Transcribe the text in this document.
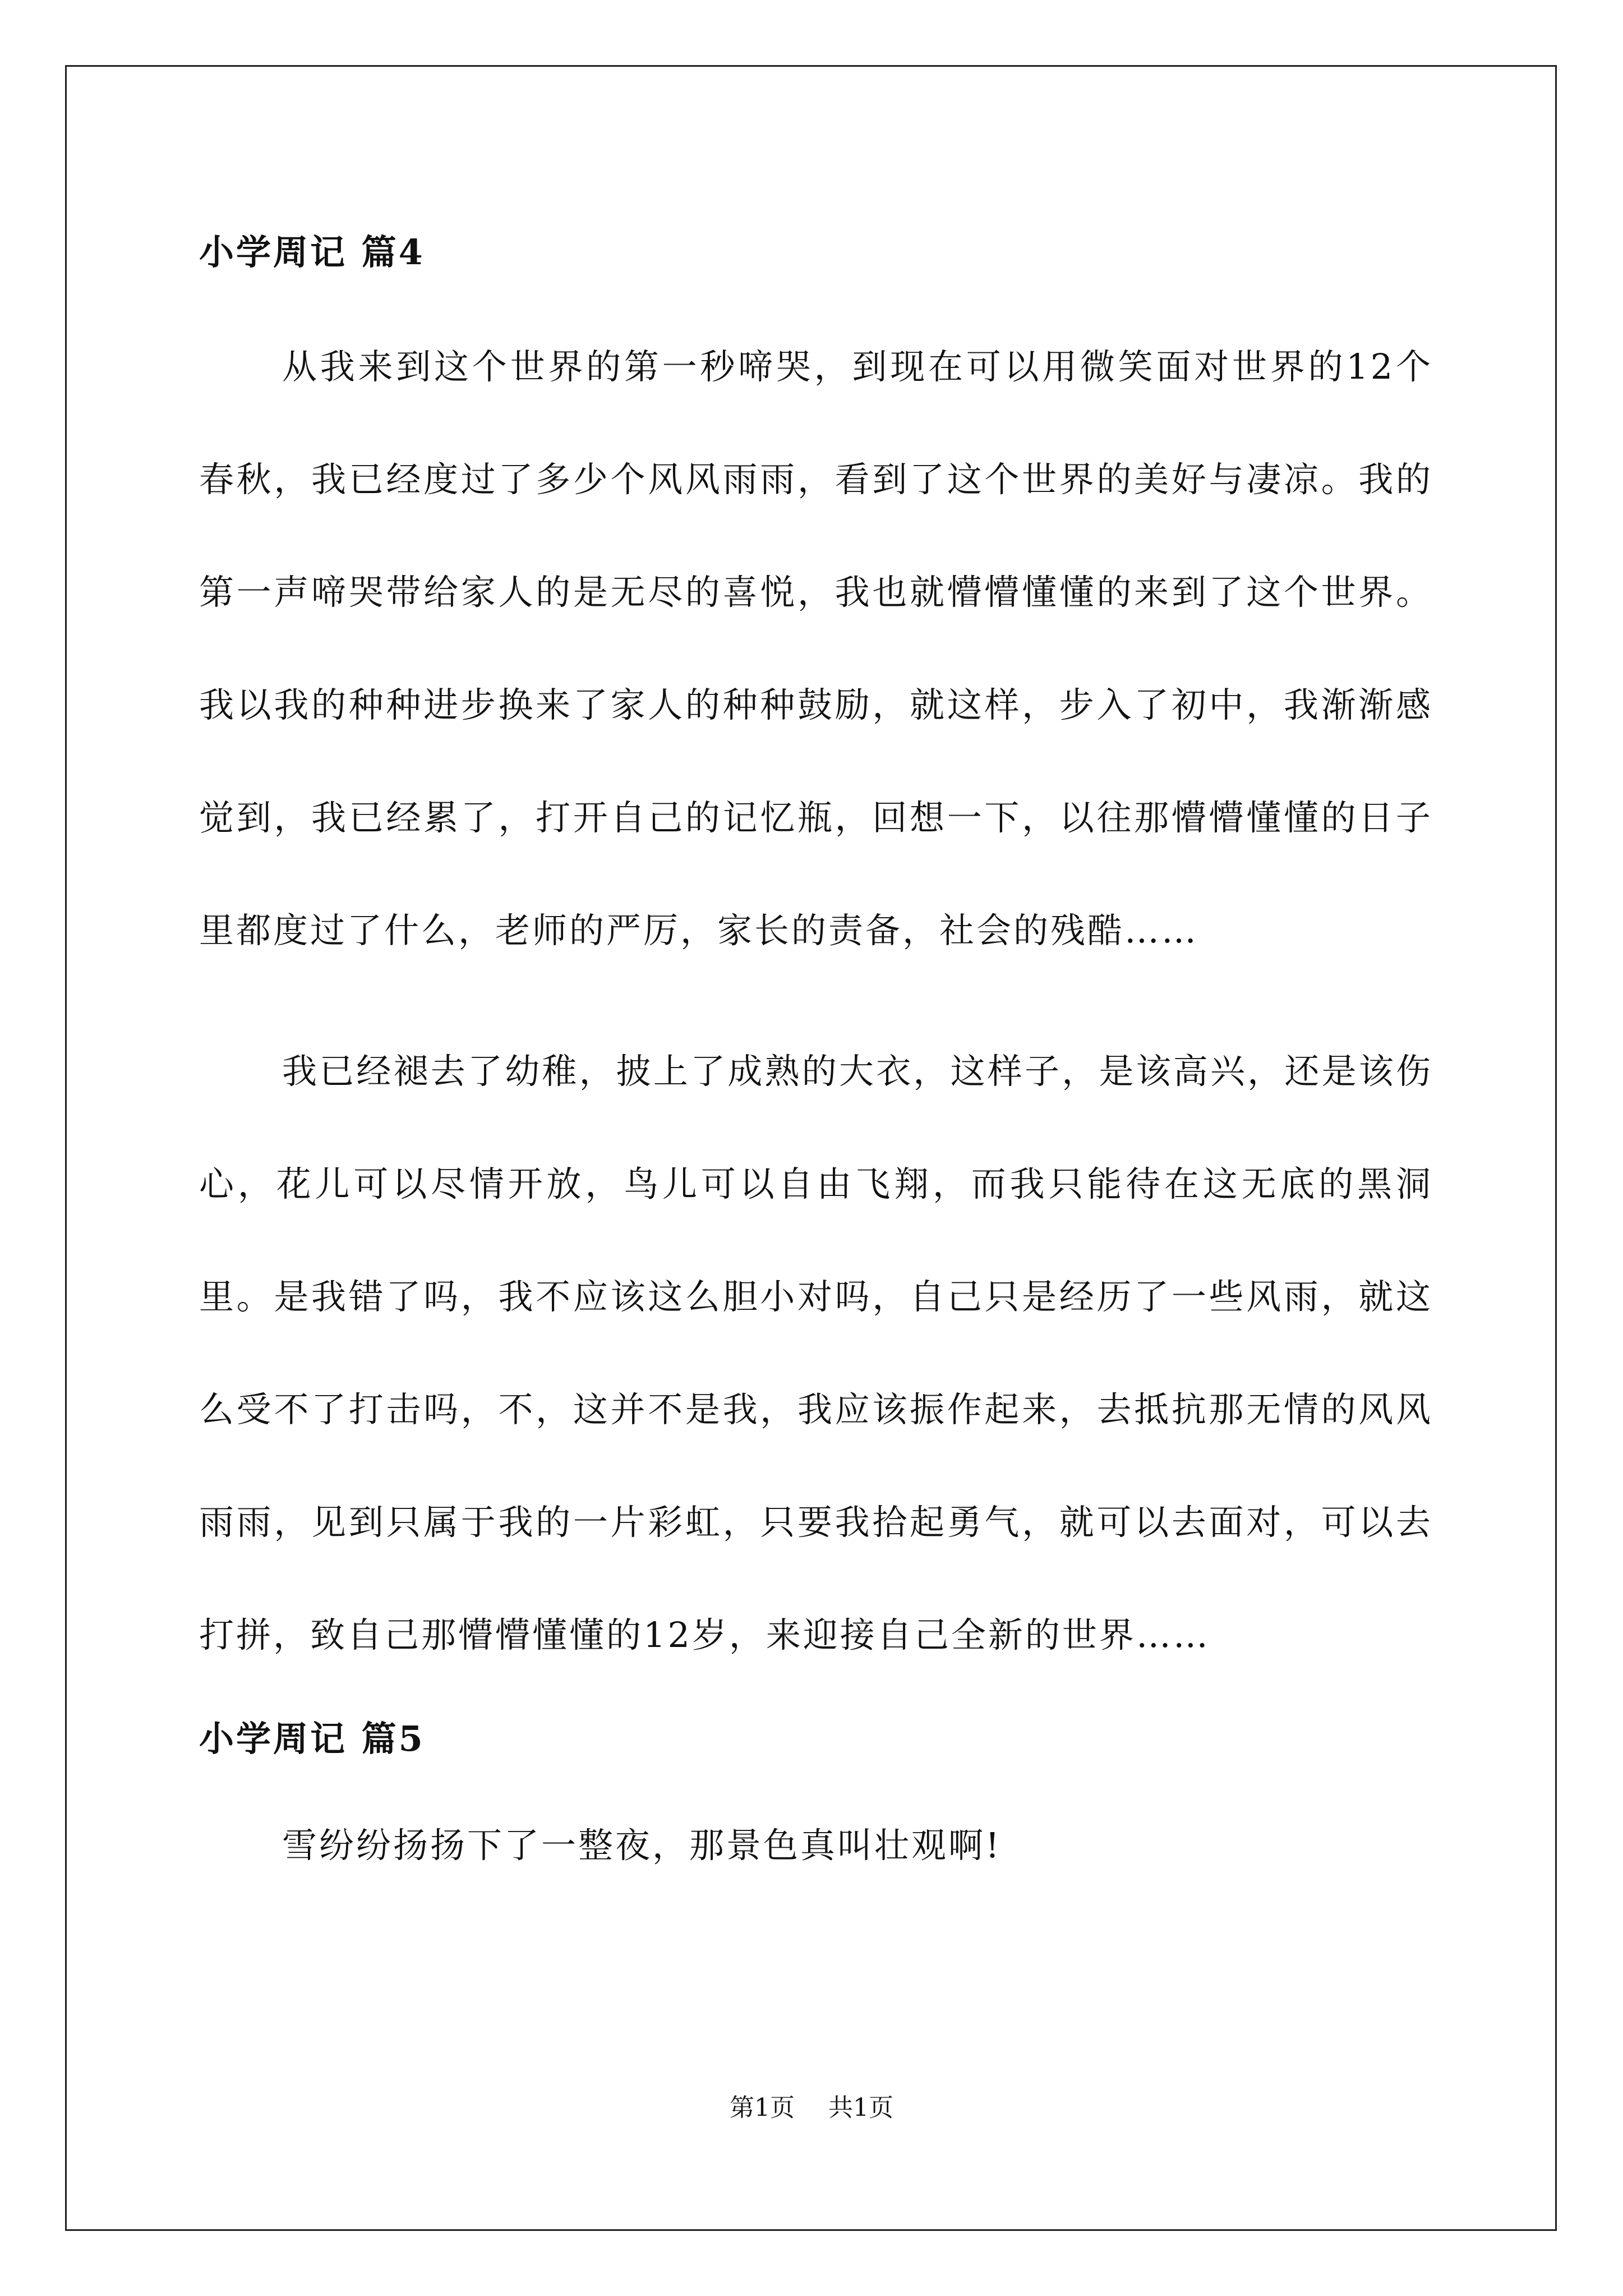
小学周记 篇4

从我来到这个世界的第一秒啼哭，到现在可以用微笑面对世界的12个春秋，我已经度过了多少个风风雨雨，看到了这个世界的美好与凄凉。我的第一声啼哭带给家人的是无尽的喜悦，我也就懵懵懂懂的来到了这个世界。我以我的种种进步换来了家人的种种鼓励，就这样，步入了初中，我渐渐感觉到，我已经累了，打开自己的记忆瓶，回想一下，以往那懵懵懂懂的日子里都度过了什么，老师的严厉，家长的责备，社会的残酷……

我已经褪去了幼稚，披上了成熟的大衣，这样子，是该高兴，还是该伤心，花儿可以尽情开放，鸟儿可以自由飞翔，而我只能待在这无底的黑洞里。是我错了吗，我不应该这么胆小对吗，自己只是经历了一些风雨，就这么受不了打击吗，不，这并不是我，我应该振作起来，去抵抗那无情的风风雨雨，见到只属于我的一片彩虹，只要我拾起勇气，就可以去面对，可以去打拼，致自己那懵懵懂懂的12岁，来迎接自己全新的世界……

小学周记 篇5

雪纷纷扬扬下了一整夜，那景色真叫壮观啊!

第1页 共1页
